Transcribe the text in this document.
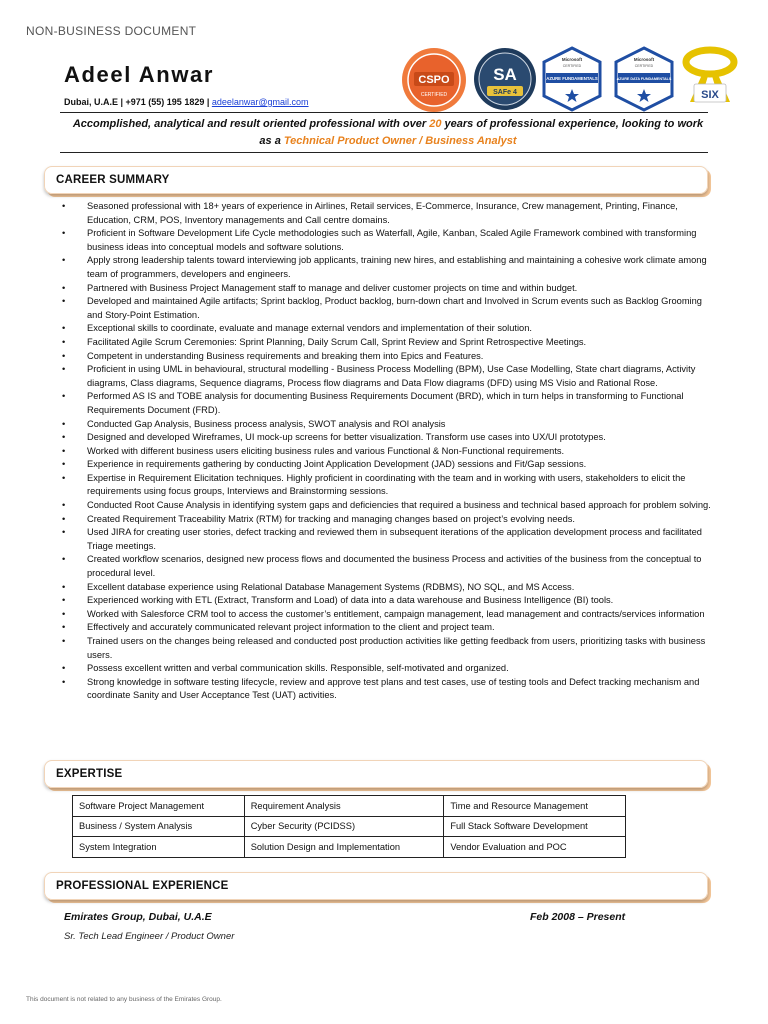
NON-BUSINESS DOCUMENT
Adeel Anwar
Dubai, U.A.E | +971 (55) 195 1829 | adeelanwar@gmail.com
CSPO
CERTIFIED
SA
SAFe 4
Microsoft
CERTIFIED
AZURE FUNDAMENTALS
Microsoft
CERTIFIED
AZURE DATA FUNDAMENTALS
SIX
Accomplished, analytical and result oriented professional with over 20 years of professional experience, looking to work
as a Technical Product Owner / Business Analyst
CAREER SUMMARY
• Seasoned professional with 18+ years of experience in Airlines, Retail services, E-Commerce, Insurance, Crew management, Printing, Finance, Education, CRM, POS, Inventory managements and Call centre domains.
• Proficient in Software Development Life Cycle methodologies such as Waterfall, Agile, Kanban, Scaled Agile Framework combined with transforming business ideas into conceptual models and software solutions.
• Apply strong leadership talents toward interviewing job applicants, training new hires, and establishing and maintaining a cohesive work climate among team of programmers, developers and engineers.
• Partnered with Business Project Management staff to manage and deliver customer projects on time and within budget.
• Developed and maintained Agile artifacts; Sprint backlog, Product backlog, burn-down chart and Involved in Scrum events such as Backlog Grooming and Story-Point Estimation.
• Exceptional skills to coordinate, evaluate and manage external vendors and implementation of their solution.
• Facilitated Agile Scrum Ceremonies: Sprint Planning, Daily Scrum Call, Sprint Review and Sprint Retrospective Meetings.
• Competent in understanding Business requirements and breaking them into Epics and Features.
• Proficient in using UML in behavioural, structural modelling - Business Process Modelling (BPM), Use Case Modelling, State chart diagrams, Activity diagrams, Class diagrams, Sequence diagrams, Process flow diagrams and Data Flow diagrams (DFD) using MS Visio and Rational Rose.
• Performed AS IS and TOBE analysis for documenting Business Requirements Document (BRD), which in turn helps in transforming to Functional Requirements Document (FRD).
• Conducted Gap Analysis, Business process analysis, SWOT analysis and ROI analysis
• Designed and developed Wireframes, UI mock-up screens for better visualization. Transform use cases into UX/UI prototypes.
• Worked with different business users eliciting business rules and various Functional & Non-Functional requirements.
• Experience in requirements gathering by conducting Joint Application Development (JAD) sessions and Fit/Gap sessions.
• Expertise in Requirement Elicitation techniques. Highly proficient in coordinating with the team and in working with users, stakeholders to elicit the requirements using focus groups, Interviews and Brainstorming sessions.
• Conducted Root Cause Analysis in identifying system gaps and deficiencies that required a business and technical based approach for problem solving.
• Created Requirement Traceability Matrix (RTM) for tracking and managing changes based on project’s evolving needs.
• Used JIRA for creating user stories, defect tracking and reviewed them in subsequent iterations of the application development process and facilitated Triage meetings.
• Created workflow scenarios, designed new process flows and documented the business Process and activities of the business from the conceptual to procedural level.
• Excellent database experience using Relational Database Management Systems (RDBMS), NO SQL, and MS Access.
• Experienced working with ETL (Extract, Transform and Load) of data into a data warehouse and Business Intelligence (BI) tools.
• Worked with Salesforce CRM tool to access the customer’s entitlement, campaign management, lead management and contracts/services information
• Effectively and accurately communicated relevant project information to the client and project team.
• Trained users on the changes being released and conducted post production activities like getting feedback from users, prioritizing tasks with business users.
• Possess excellent written and verbal communication skills. Responsible, self-motivated and organized.
• Strong knowledge in software testing lifecycle, review and approve test plans and test cases, use of testing tools and Defect tracking mechanism and coordinate Sanity and User Acceptance Test (UAT) activities.
EXPERTISE
Software Project Management	Requirement Analysis	Time and Resource Management
Business / System Analysis	Cyber Security (PCIDSS)	Full Stack Software Development
System Integration	Solution Design and Implementation	Vendor Evaluation and POC
PROFESSIONAL EXPERIENCE
Emirates Group, Dubai, U.A.E	Feb 2008 – Present
Sr. Tech Lead Engineer / Product Owner
This document is not related to any business of the Emirates Group.
